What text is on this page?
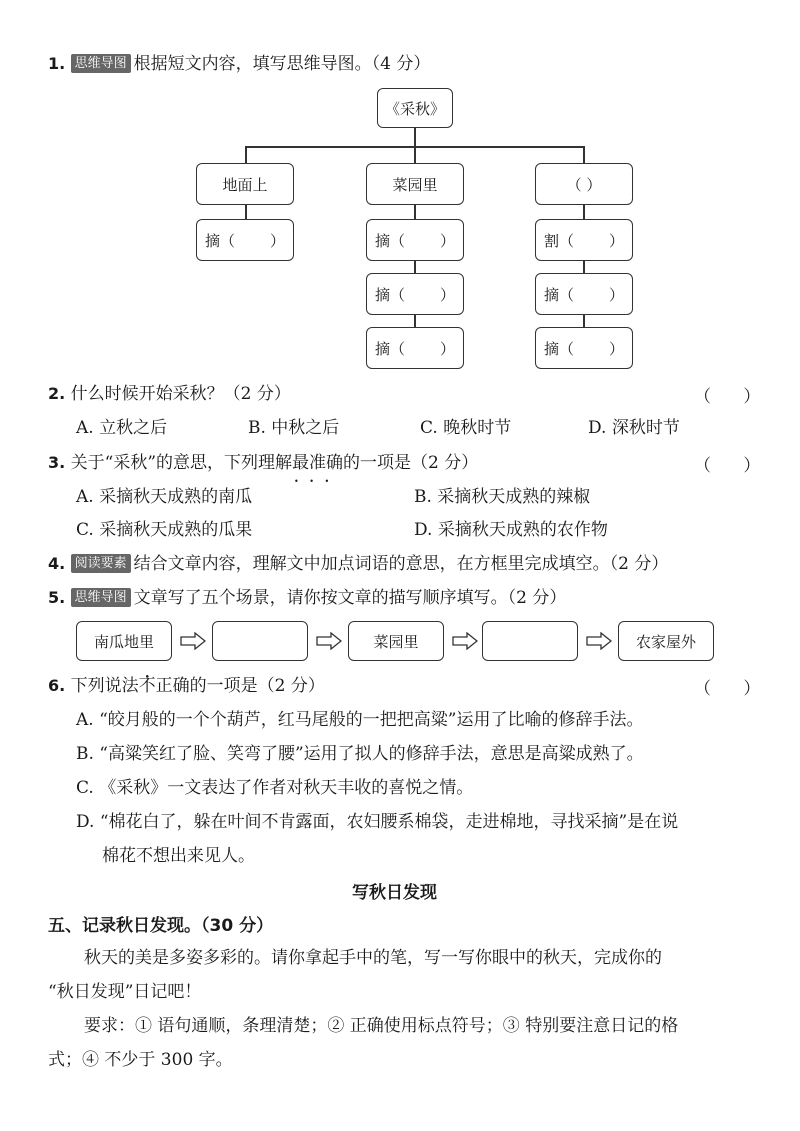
1. 思维导图 根据短文内容，填写思维导图。（4 分）
《采秋》
地面上	菜园里	（ ）
摘（ ）	摘（ ）	割（ ）
摘（ ）	摘（ ）
摘（ ）	摘（ ）
2. 什么时候开始采秋？（2 分）	（      ）
A. 立秋之后	B. 中秋之后	C. 晚秋时节	D. 深秋时节
3. 关于“采秋”的意思，下列理解最准确 • • •的一项是（2 分）	（      ）
A. 采摘秋天成熟的南瓜	B. 采摘秋天成熟的辣椒
C. 采摘秋天成熟的瓜果	D. 采摘秋天成熟的农作物
4. 阅读要素 结合文章内容，理解文中加点词语的意思，在方框里完成填空。（2 分）
5. 思维导图 文章写了五个场景，请你按文章的描写顺序填写。（2 分）
南瓜地里	菜园里	农家屋外
6. 下列说法不正确的一项是（2 分）	（      ）
A. “皎月般的一个个葫芦，红马尾般的一把把高粱”运用了比喻的修辞手法。
B. “高粱笑红了脸、笑弯了腰”运用了拟人的修辞手法，意思是高粱成熟了。
C. 《采秋》一文表达了作者对秋天丰收的喜悦之情。
D. “棉花白了，躲在叶间不肯露面，农妇腰系棉袋，走进棉地，寻找采摘”是在说
棉花不想出来见人。
写秋日发现
五、记录秋日发现。（30 分）
秋天的美是多姿多彩的。请你拿起手中的笔，写一写你眼中的秋天，完成你的
“秋日发现”日记吧！
要求：① 语句通顺，条理清楚；② 正确使用标点符号；③ 特别要注意日记的格
式；④ 不少于 300 字。
